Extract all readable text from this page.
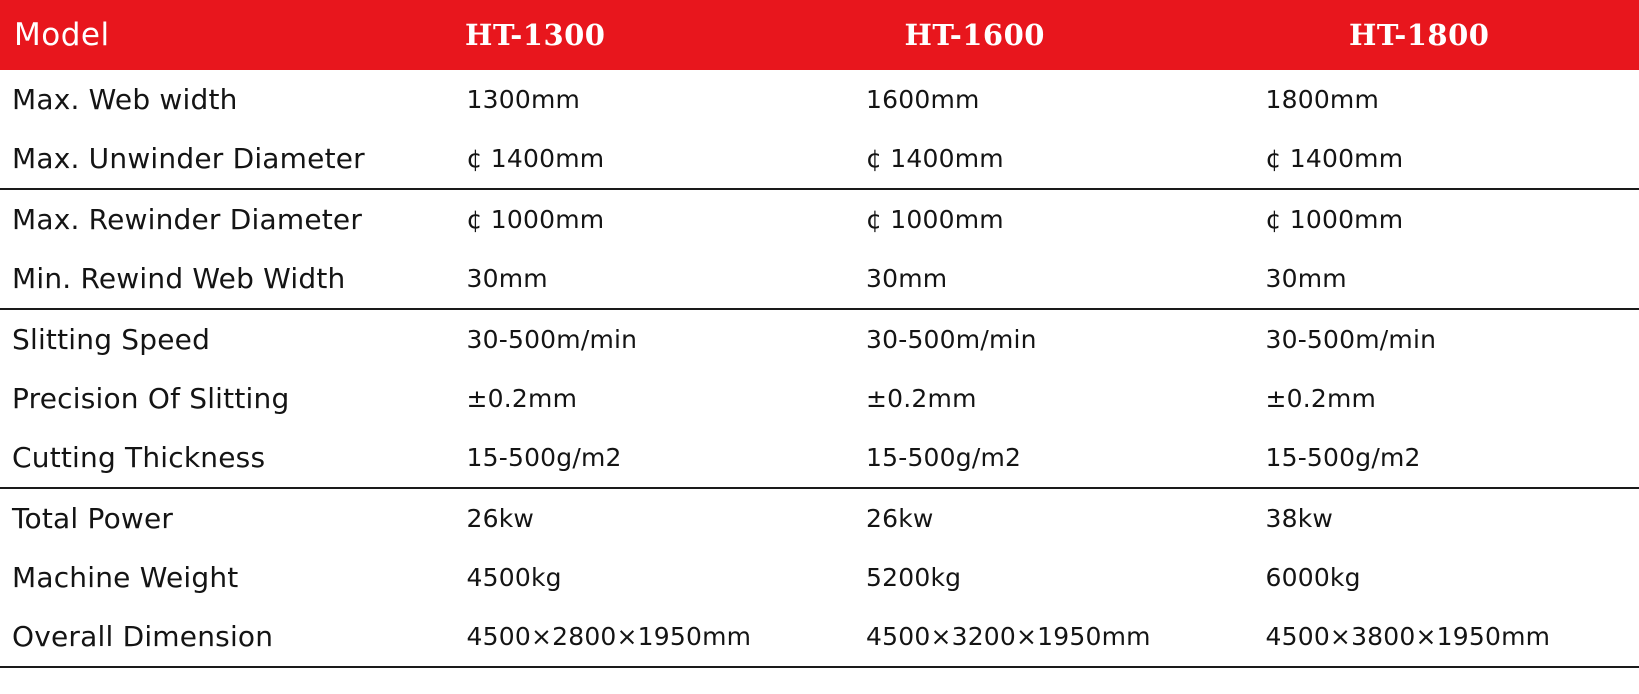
Model	HT-1300	HT-1600	HT-1800
Max. Web width	1300mm	1600mm	1800mm
Max. Unwinder Diameter	¢ 1400mm	¢ 1400mm	¢ 1400mm
Max. Rewinder Diameter	¢ 1000mm	¢ 1000mm	¢ 1000mm
Min. Rewind Web Width	30mm	30mm	30mm
Slitting Speed	30-500m/min	30-500m/min	30-500m/min
Precision Of Slitting	±0.2mm	±0.2mm	±0.2mm
Cutting Thickness	15-500g/m2	15-500g/m2	15-500g/m2
Total Power	26kw	26kw	38kw
Machine Weight	4500kg	5200kg	6000kg
Overall Dimension	4500×2800×1950mm	4500×3200×1950mm	4500×3800×1950mm
